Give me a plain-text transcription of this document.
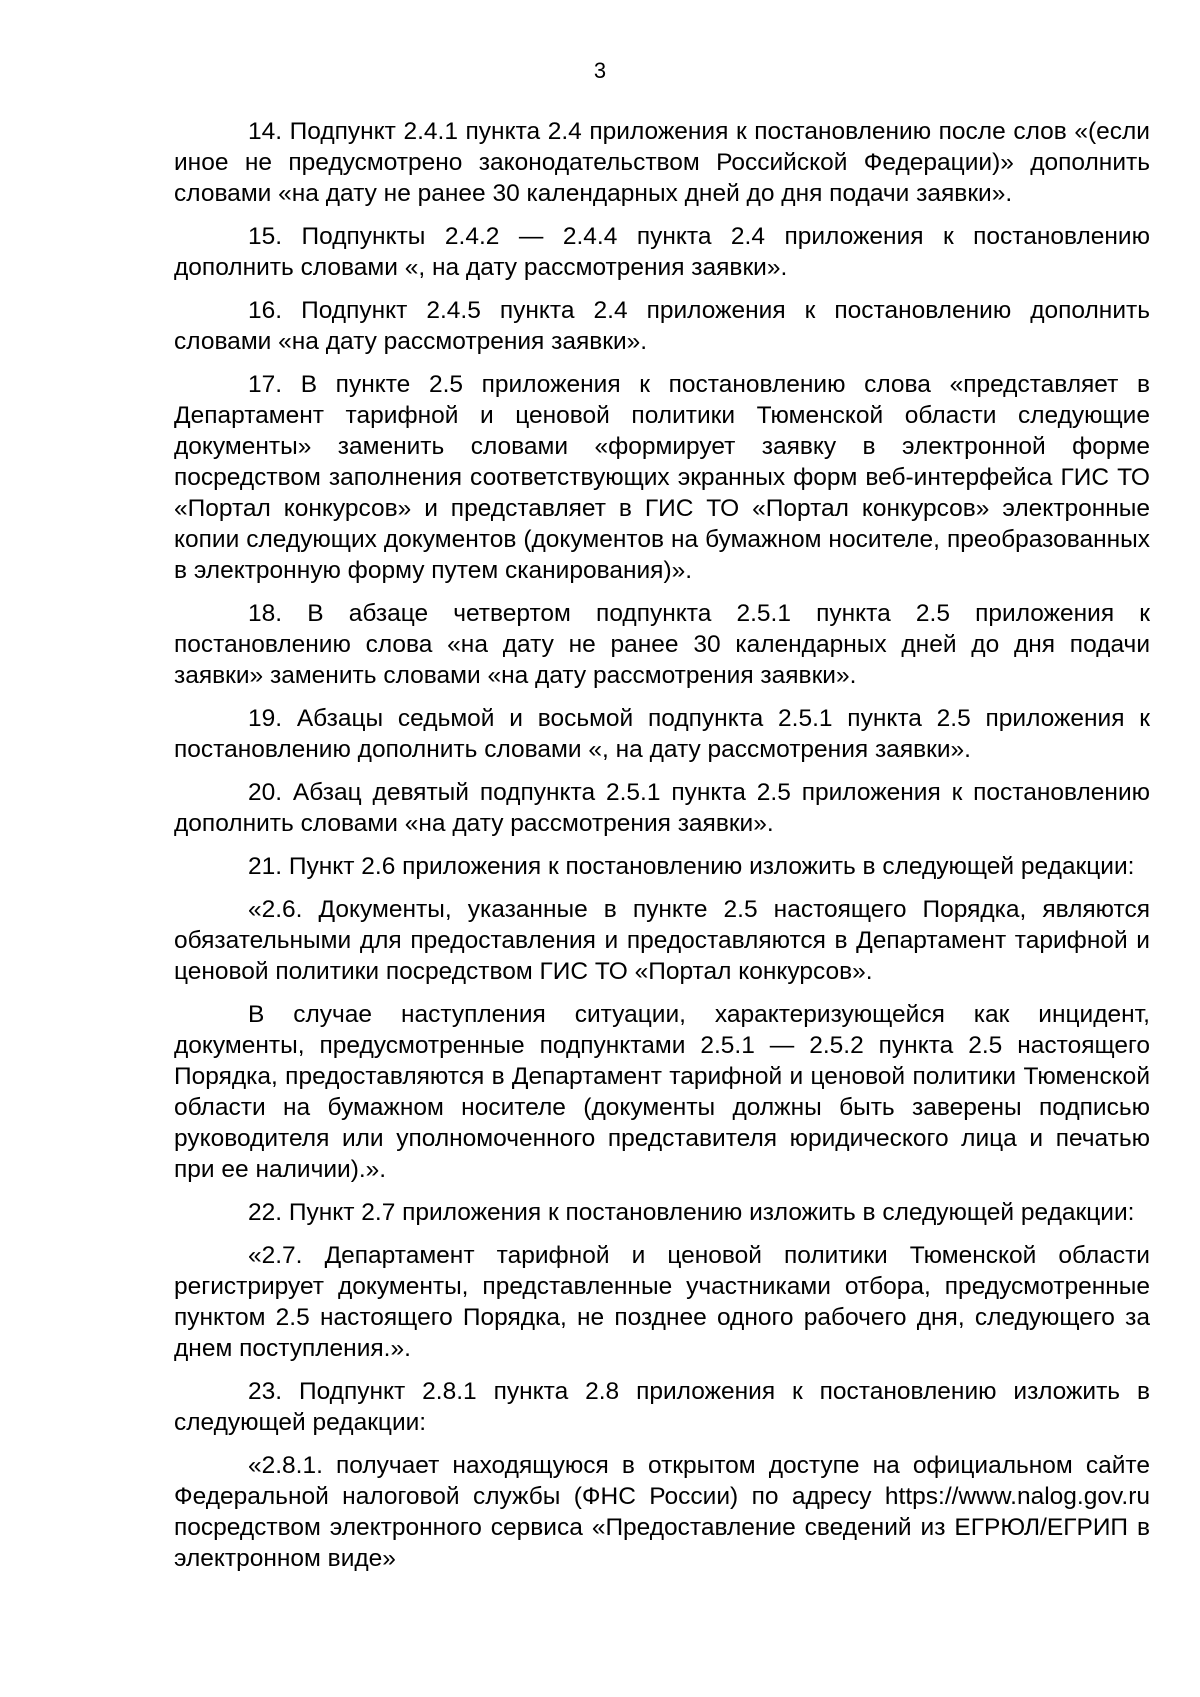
3

14. Подпункт 2.4.1 пункта 2.4 приложения к постановлению после слов «(если иное не предусмотрено законодательством Российской Федерации)» дополнить словами «на дату не ранее 30 календарных дней до дня подачи заявки».

15. Подпункты 2.4.2 — 2.4.4 пункта 2.4 приложения к постановлению дополнить словами «, на дату рассмотрения заявки».

16. Подпункт 2.4.5 пункта 2.4 приложения к постановлению дополнить словами «на дату рассмотрения заявки».

17. В пункте 2.5 приложения к постановлению слова «представляет в Департамент тарифной и ценовой политики Тюменской области следующие документы» заменить словами «формирует заявку в электронной форме посредством заполнения соответствующих экранных форм веб-интерфейса ГИС ТО «Портал конкурсов» и представляет в ГИС ТО «Портал конкурсов» электронные копии следующих документов (документов на бумажном носителе, преобразованных в электронную форму путем сканирования)».

18. В абзаце четвертом подпункта 2.5.1 пункта 2.5 приложения к постановлению слова «на дату не ранее 30 календарных дней до дня подачи заявки» заменить словами «на дату рассмотрения заявки».

19. Абзацы седьмой и восьмой подпункта 2.5.1 пункта 2.5 приложения к постановлению дополнить словами «, на дату рассмотрения заявки».

20. Абзац девятый подпункта 2.5.1 пункта 2.5 приложения к постановлению дополнить словами «на дату рассмотрения заявки».

21. Пункт 2.6 приложения к постановлению изложить в следующей редакции:

«2.6. Документы, указанные в пункте 2.5 настоящего Порядка, являются обязательными для предоставления и предоставляются в Департамент тарифной и ценовой политики посредством ГИС ТО «Портал конкурсов».

В случае наступления ситуации, характеризующейся как инцидент, документы, предусмотренные подпунктами 2.5.1 — 2.5.2 пункта 2.5 настоящего Порядка, предоставляются в Департамент тарифной и ценовой политики Тюменской области на бумажном носителе (документы должны быть заверены подписью руководителя или уполномоченного представителя юридического лица и печатью при ее наличии).».

22. Пункт 2.7 приложения к постановлению изложить в следующей редакции:

«2.7. Департамент тарифной и ценовой политики Тюменской области регистрирует документы, представленные участниками отбора, предусмотренные пунктом 2.5 настоящего Порядка, не позднее одного рабочего дня, следующего за днем поступления.».

23. Подпункт 2.8.1 пункта 2.8 приложения к постановлению изложить в следующей редакции:

«2.8.1. получает находящуюся в открытом доступе на официальном сайте Федеральной налоговой службы (ФНС России) по адресу https://www.nalog.gov.ru посредством электронного сервиса «Предоставление сведений из ЕГРЮЛ/ЕГРИП в электронном виде»
